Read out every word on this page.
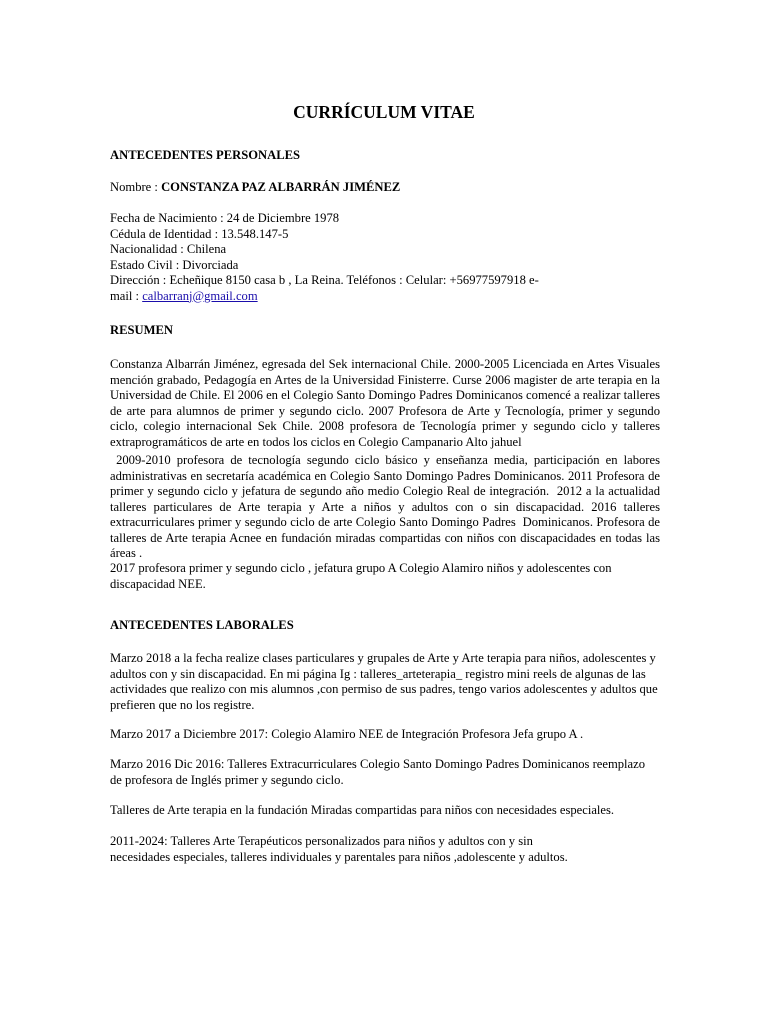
CURRÍCULUM VITAE
ANTECEDENTES PERSONALES
Nombre : CONSTANZA PAZ ALBARRÁN JIMÉNEZ
Fecha de Nacimiento : 24 de Diciembre 1978
Cédula de Identidad : 13.548.147-5
Nacionalidad : Chilena
Estado Civil : Divorciada
Dirección : Echeñique 8150 casa b , La Reina. Teléfonos : Celular: +56977597918 e-
mail : calbarranj@gmail.com
RESUMEN
Constanza Albarrán Jiménez, egresada del Sek internacional Chile. 2000-2005 Licenciada en Artes Visuales mención grabado, Pedagogía en Artes de la Universidad Finisterre. Curse 2006 magister de arte terapia en la Universidad de Chile. El 2006 en el Colegio Santo Domingo Padres Dominicanos comencé a realizar talleres de arte para alumnos de primer y segundo ciclo. 2007 Profesora de Arte y Tecnología, primer y segundo ciclo, colegio internacional Sek Chile. 2008 profesora de Tecnología primer y segundo ciclo y talleres extraprogramáticos de arte en todos los ciclos en Colegio Campanario Alto jahuel
2009-2010 profesora de tecnología segundo ciclo básico y enseñanza media, participación en labores administrativas en secretaría académica en Colegio Santo Domingo Padres Dominicanos. 2011 Profesora de primer y segundo ciclo y jefatura de segundo año medio Colegio Real de integración.  2012 a la actualidad talleres particulares de Arte terapia y Arte a niños y adultos con o sin discapacidad. 2016 talleres extracurriculares primer y segundo ciclo de arte Colegio Santo Domingo Padres  Dominicanos. Profesora de talleres de Arte terapia Acnee en fundación miradas compartidas con niños con discapacidades en todas las áreas .
2017 profesora primer y segundo ciclo , jefatura grupo A Colegio Alamiro niños y adolescentes con discapacidad NEE.
ANTECEDENTES LABORALES
Marzo 2018 a la fecha realize clases particulares y grupales de Arte y Arte terapia para niños, adolescentes y adultos con y sin discapacidad. En mi página Ig : talleres_arteterapia_ registro mini reels de algunas de las actividades que realizo con mis alumnos ,con permiso de sus padres, tengo varios adolescentes y adultos que prefieren que no los registre.
Marzo 2017 a Diciembre 2017: Colegio Alamiro NEE de Integración Profesora Jefa grupo A .
Marzo 2016 Dic 2016: Talleres Extracurriculares Colegio Santo Domingo Padres Dominicanos reemplazo de profesora de Inglés primer y segundo ciclo.
Talleres de Arte terapia en la fundación Miradas compartidas para niños con necesidades especiales.
2011-2024: Talleres Arte Terapéuticos personalizados para niños y adultos con y sin
necesidades especiales, talleres individuales y parentales para niños ,adolescente y adultos.
